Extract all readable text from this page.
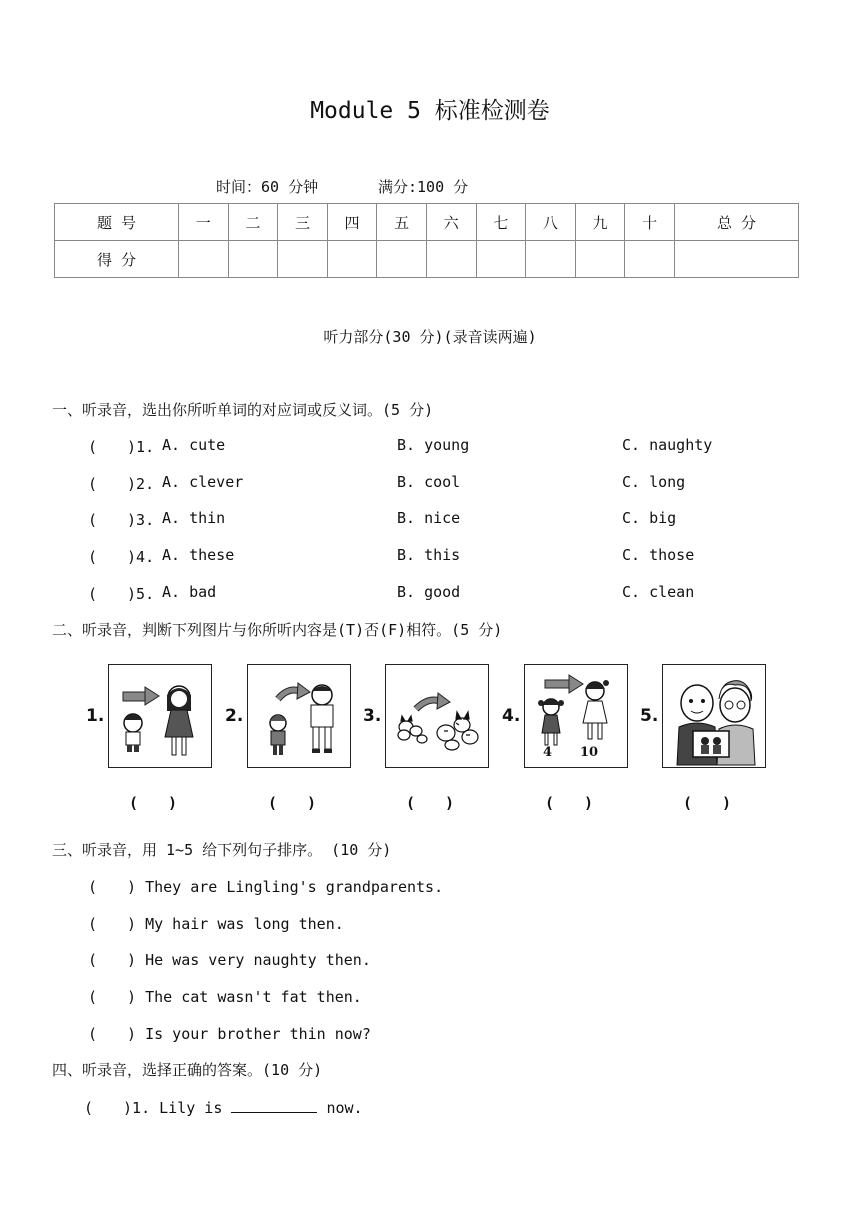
Module 5 标准检测卷
时间：60 分钟	满分:100 分
题 号	一	二	三	四	五	六	七	八	九	十	总 分
得 分											
听力部分(30 分)(录音读两遍)
一、听录音，选出你所听单词的对应词或反义词。(5 分)
(　　)1. A. cute	B. young	C. naughty
(　　)2. A. clever	B. cool	C. long
(　　)3. A. thin	B. nice	C. big
(　　)4. A. these	B. this	C. those
(　　)5. A. bad	B. good	C. clean
二、听录音，判断下列图片与你所听内容是(T)否(F)相符。(5 分)
1.
(　　)
2.
(　　)
3.
(　　)
4.
4 10
(　　)
5.
(　　)
三、听录音，用 1~5 给下列句子排序。 (10 分)
(　　) They are Lingling's grandparents.
(　　) My hair was long then.
(　　) He was very naughty then.
(　　) The cat wasn't fat then.
(　　) Is your brother thin now?
四、听录音，选择正确的答案。(10 分)
(　　)1. Lily is	now.
